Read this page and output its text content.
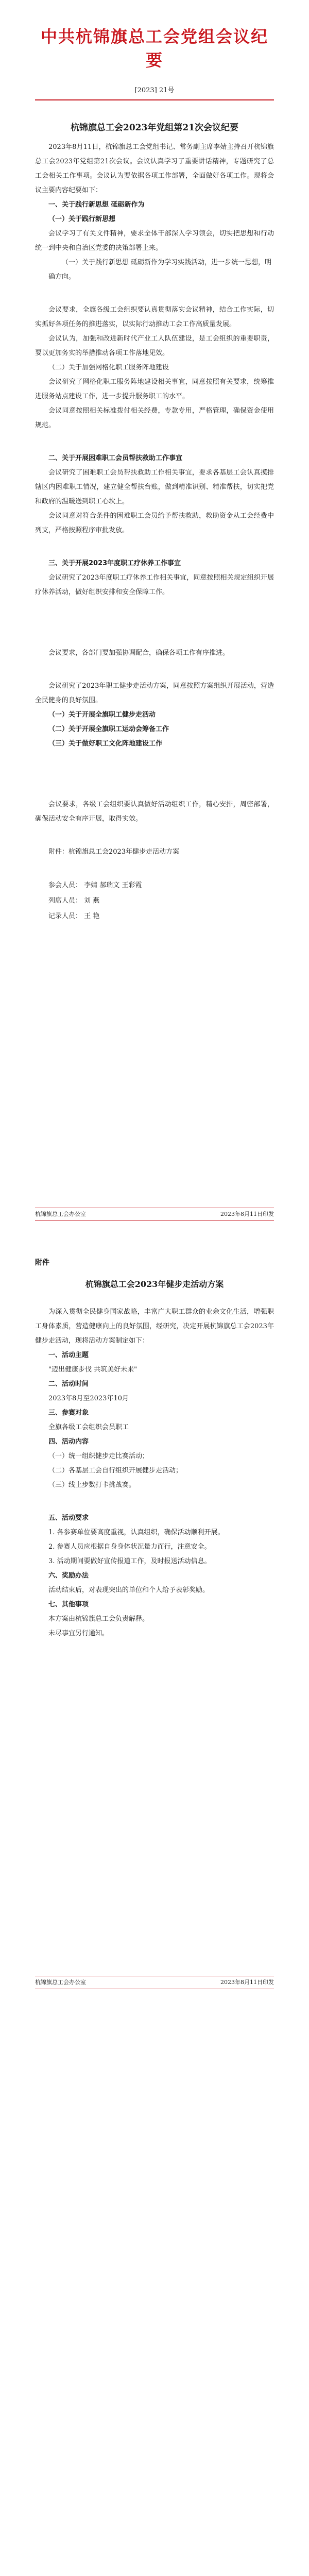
中共杭锦旗总工会党组会议纪要
[2023] 21号
杭锦旗总工会2023年党组第21次会议纪要

2023年8月11日，杭锦旗总工会党组书记、常务副主席李婧主持召开杭锦旗总工会2023年党组第21次会议。会议认真学习了重要讲话精神，专题研究了总工会相关工作事项。会议认为要依据各项工作部署，全面做好各项工作。现将会议主要内容纪要如下：

一、关于践行新思想 砥砺新作为

（一）关于践行新思想

会议学习了有关文件精神，要求全体干部深入学习领会，切实把思想和行动统一到中央和自治区党委的决策部署上来。

（一）关于践行新思想 砥砺新作为学习实践活动，进一步统一思想，明确方向。

会议要求，全旗各级工会组织要认真贯彻落实会议精神，结合工作实际，切实抓好各项任务的推进落实，以实际行动推动工会工作高质量发展。

会议认为，加强和改进新时代产业工人队伍建设，是工会组织的重要职责，要以更加务实的举措推动各项工作落地见效。

（二）关于加强网格化职工服务阵地建设

会议研究了网格化职工服务阵地建设相关事宜，同意按照有关要求，统筹推进服务站点建设工作，进一步提升服务职工的水平。

会议同意按照相关标准拨付相关经费，专款专用，严格管理，确保资金使用规范。

二、关于开展困难职工会员帮扶救助工作事宜

会议研究了困难职工会员帮扶救助工作相关事宜，要求各基层工会认真摸排辖区内困难职工情况，建立健全帮扶台账，做到精准识别、精准帮扶，切实把党和政府的温暖送到职工心坎上。

会议同意对符合条件的困难职工会员给予帮扶救助，救助资金从工会经费中列支，严格按照程序审批发放。

三、关于开展2023年度职工疗休养工作事宜

会议研究了2023年度职工疗休养工作相关事宜，同意按照相关规定组织开展疗休养活动，做好组织安排和安全保障工作。

会议要求，各部门要加强协调配合，确保各项工作有序推进。

会议研究了2023年职工健步走活动方案，同意按照方案组织开展活动，营造全民健身的良好氛围。

（一）关于开展全旗职工健步走活动

（二）关于开展全旗职工运动会筹备工作

（三）关于做好职工文化阵地建设工作

会议要求，各级工会组织要认真做好活动组织工作，精心安排，周密部署，确保活动安全有序开展，取得实效。

附件：杭锦旗总工会2023年健步走活动方案

参会人员： 李婧 郝瑞文 王彩霞
列席人员： 刘 燕
记录人员： 王 艳
杭锦旗总工会办公室	2023年8月11日印发
附件
杭锦旗总工会2023年健步走活动方案

为深入贯彻全民健身国家战略，丰富广大职工群众的业余文化生活，增强职工身体素质，营造健康向上的良好氛围，经研究，决定开展杭锦旗总工会2023年健步走活动，现将活动方案制定如下：

一、活动主题

"迈出健康步伐 共筑美好未来"

二、活动时间

2023年8月至2023年10月

三、参赛对象

全旗各级工会组织会员职工

四、活动内容

（一）统一组织健步走比赛活动；

（二）各基层工会自行组织开展健步走活动；

（三）线上步数打卡挑战赛。

五、活动要求

1. 各参赛单位要高度重视，认真组织，确保活动顺利开展。

2. 参赛人员应根据自身身体状况量力而行，注意安全。

3. 活动期间要做好宣传报道工作，及时报送活动信息。

六、奖励办法

活动结束后，对表现突出的单位和个人给予表彰奖励。

七、其他事项

本方案由杭锦旗总工会负责解释。

未尽事宜另行通知。

杭锦旗总工会办公室	2023年8月11日印发
